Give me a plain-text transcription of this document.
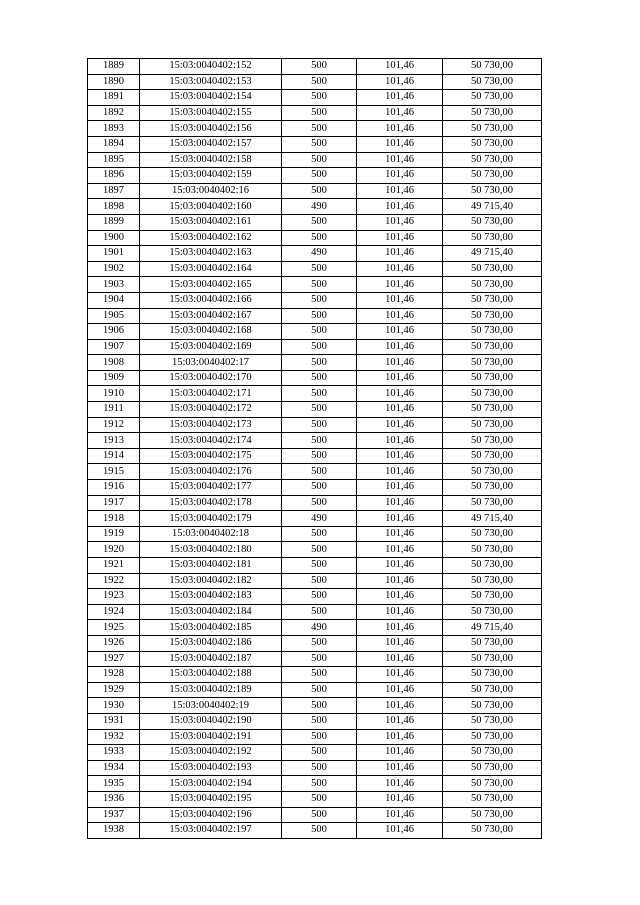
1889	15:03:0040402:152	500	101,46	50 730,00
1890	15:03:0040402:153	500	101,46	50 730,00
1891	15:03:0040402:154	500	101,46	50 730,00
1892	15:03:0040402:155	500	101,46	50 730,00
1893	15:03:0040402:156	500	101,46	50 730,00
1894	15:03:0040402:157	500	101,46	50 730,00
1895	15:03:0040402:158	500	101,46	50 730,00
1896	15:03:0040402:159	500	101,46	50 730,00
1897	15:03:0040402:16	500	101,46	50 730,00
1898	15:03:0040402:160	490	101,46	49 715,40
1899	15:03:0040402:161	500	101,46	50 730,00
1900	15:03:0040402:162	500	101,46	50 730,00
1901	15:03:0040402:163	490	101,46	49 715,40
1902	15:03:0040402:164	500	101,46	50 730,00
1903	15:03:0040402:165	500	101,46	50 730,00
1904	15:03:0040402:166	500	101,46	50 730,00
1905	15:03:0040402:167	500	101,46	50 730,00
1906	15:03:0040402:168	500	101,46	50 730,00
1907	15:03:0040402:169	500	101,46	50 730,00
1908	15:03:0040402:17	500	101,46	50 730,00
1909	15:03:0040402:170	500	101,46	50 730,00
1910	15:03:0040402:171	500	101,46	50 730,00
1911	15:03:0040402:172	500	101,46	50 730,00
1912	15:03:0040402:173	500	101,46	50 730,00
1913	15:03:0040402:174	500	101,46	50 730,00
1914	15:03:0040402:175	500	101,46	50 730,00
1915	15:03:0040402:176	500	101,46	50 730,00
1916	15:03:0040402:177	500	101,46	50 730,00
1917	15:03:0040402:178	500	101,46	50 730,00
1918	15:03:0040402:179	490	101,46	49 715,40
1919	15:03:0040402:18	500	101,46	50 730,00
1920	15:03:0040402:180	500	101,46	50 730,00
1921	15:03:0040402:181	500	101,46	50 730,00
1922	15:03:0040402:182	500	101,46	50 730,00
1923	15:03:0040402:183	500	101,46	50 730,00
1924	15:03:0040402:184	500	101,46	50 730,00
1925	15:03:0040402:185	490	101,46	49 715,40
1926	15:03:0040402:186	500	101,46	50 730,00
1927	15:03:0040402:187	500	101,46	50 730,00
1928	15:03:0040402:188	500	101,46	50 730,00
1929	15:03:0040402:189	500	101,46	50 730,00
1930	15:03:0040402:19	500	101,46	50 730,00
1931	15:03:0040402:190	500	101,46	50 730,00
1932	15:03:0040402:191	500	101,46	50 730,00
1933	15:03:0040402:192	500	101,46	50 730,00
1934	15:03:0040402:193	500	101,46	50 730,00
1935	15:03:0040402:194	500	101,46	50 730,00
1936	15:03:0040402:195	500	101,46	50 730,00
1937	15:03:0040402:196	500	101,46	50 730,00
1938	15:03:0040402:197	500	101,46	50 730,00
